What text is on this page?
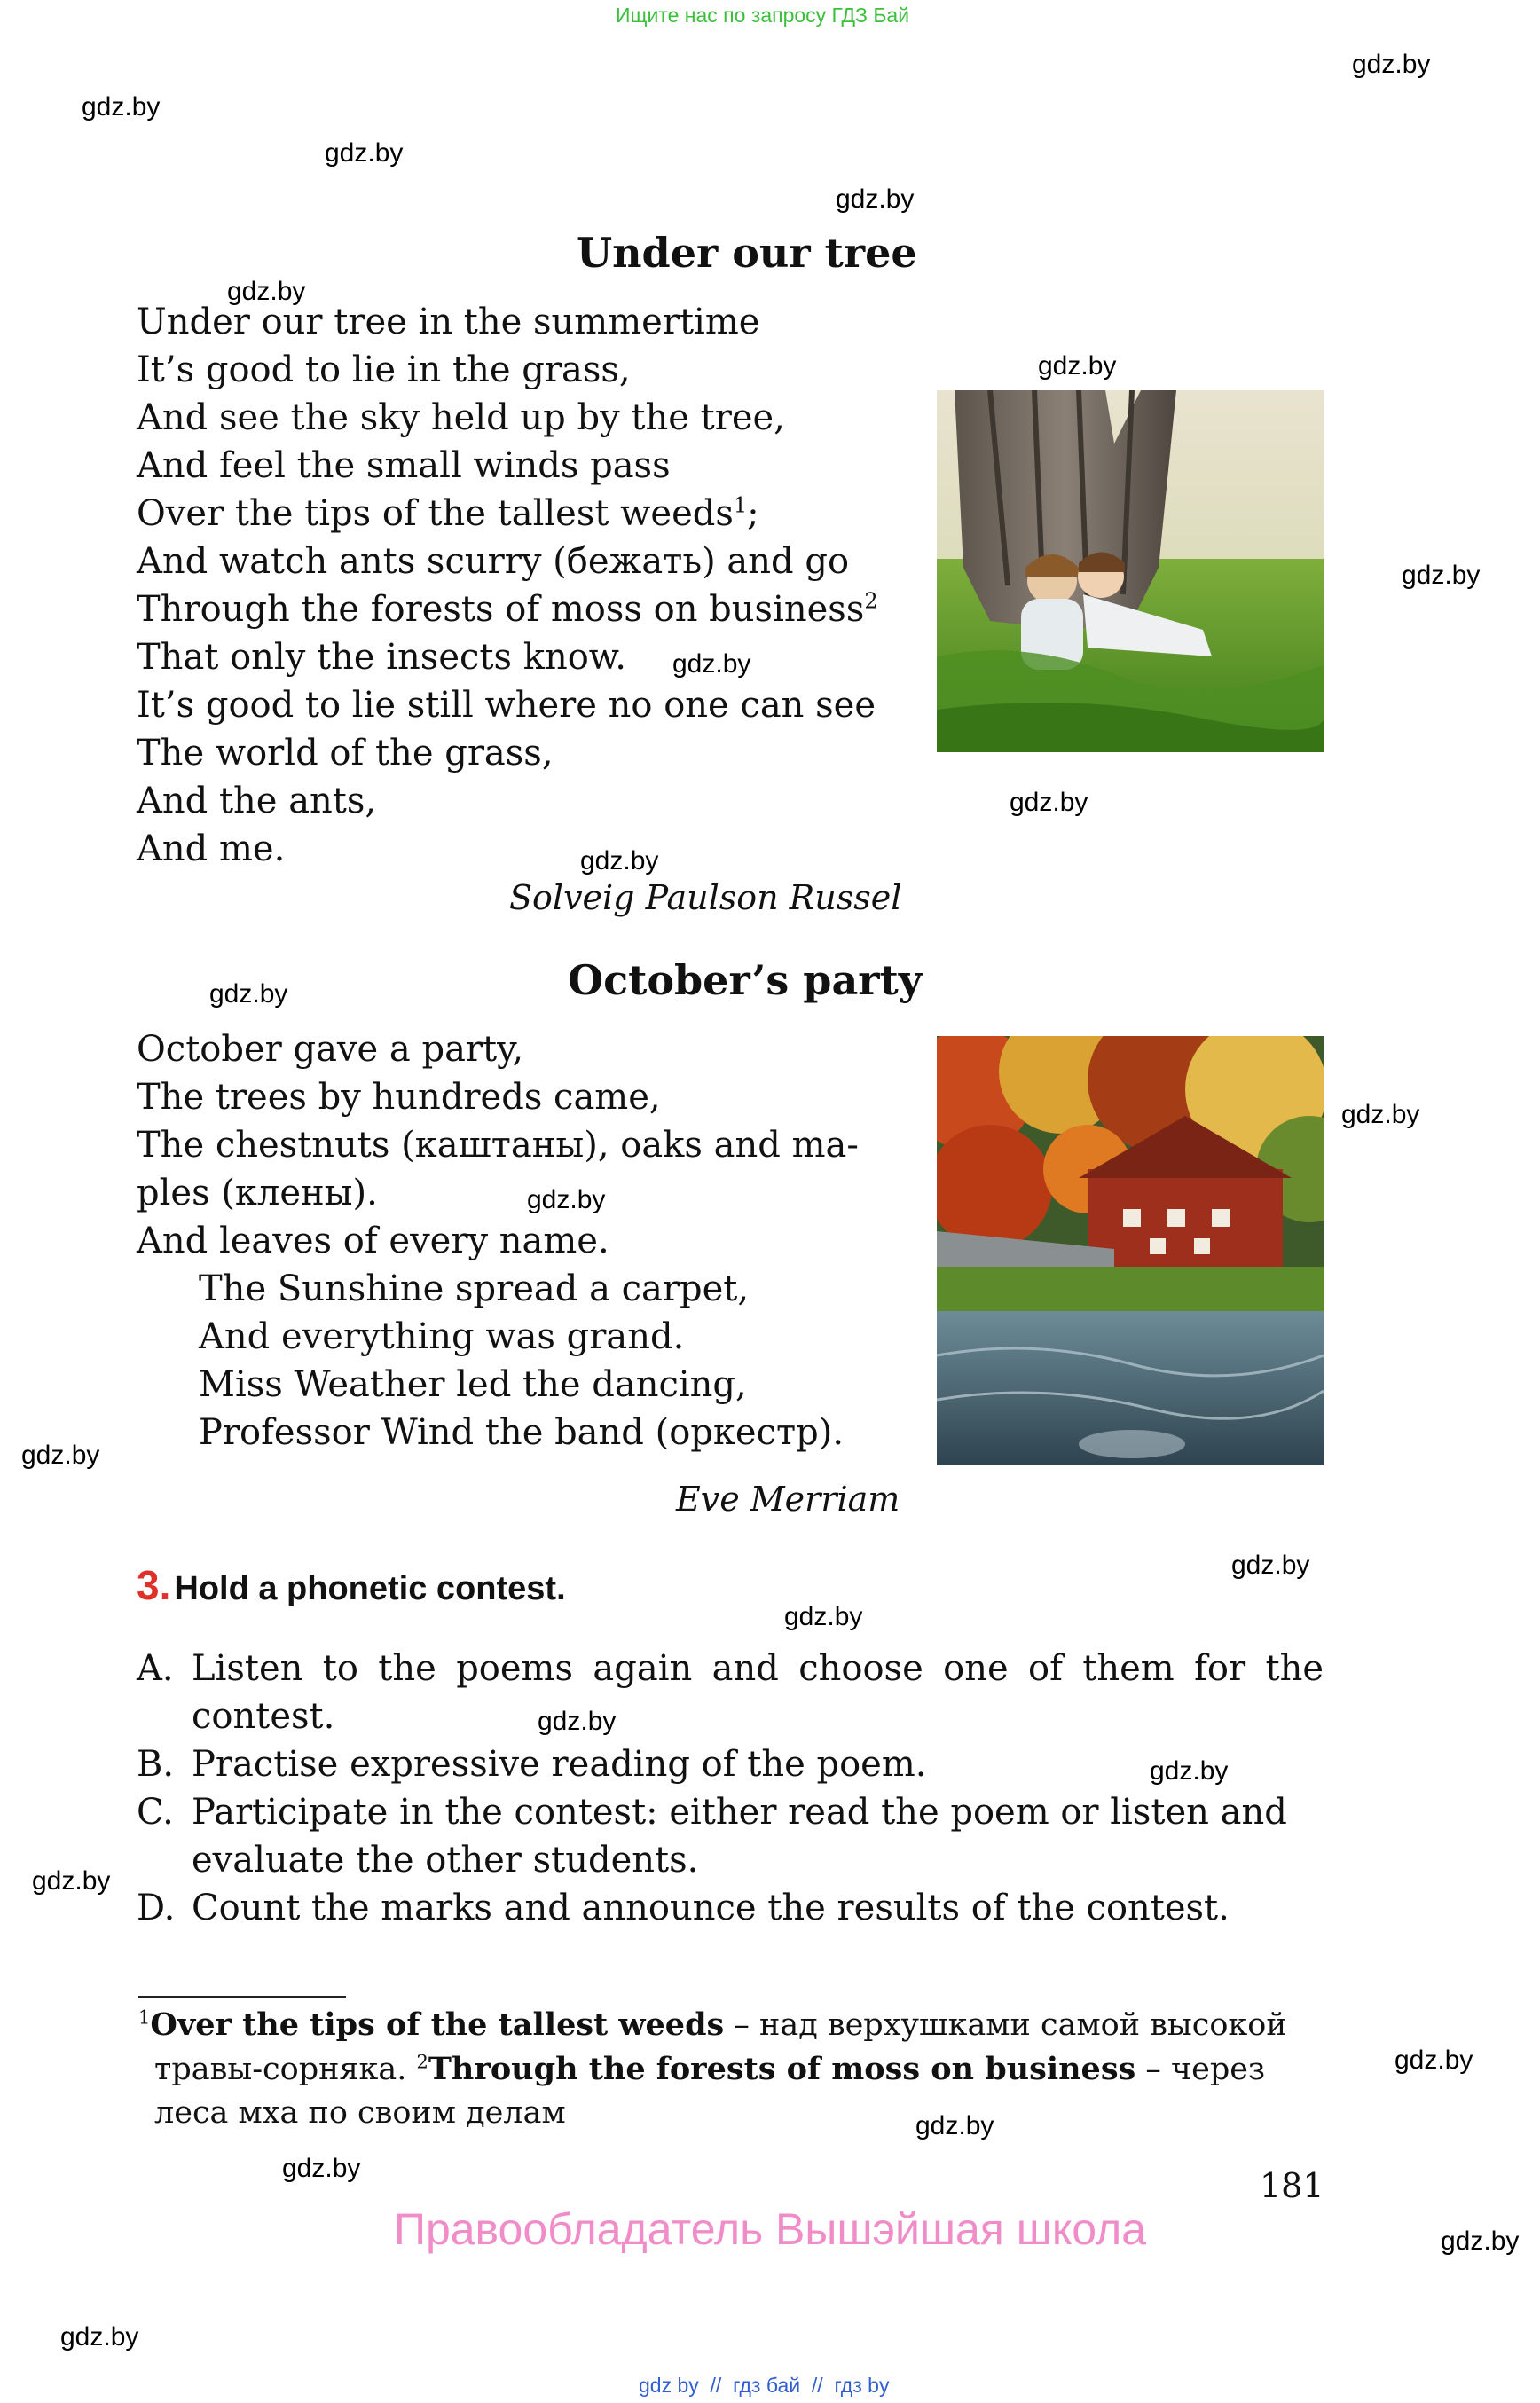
Ищите нас по запросу ГДЗ Бай
gdz.by
gdz.by
gdz.by
gdz.by
gdz.by
gdz.by
gdz.by
gdz.by
gdz.by
gdz.by
gdz.by
gdz.by
gdz.by
gdz.by
gdz.by
gdz.by
gdz.by
gdz.by
gdz.by
gdz.by
gdz.by
gdz.by
gdz.by
gdz.by
Under our tree
Under our tree in the summertime
It’s good to lie in the grass,
And see the sky held up by the tree,
And feel the small winds pass
Over the tips of the tallest weeds$^1$;
And watch ants scurry (бежать) and go
Through the forests of moss on business$^2$
That only the insects know.
It’s good to lie still where no one can see
The world of the grass,
And the ants,
And me.
Solveig Paulson Russel
October’s party
October gave a party,
The trees by hundreds came,
The chestnuts (каштаны), oaks and ma-
ples (клены).
And leaves of every name.
The Sunshine spread a carpet,
And everything was grand.
Miss Weather led the dancing,
Professor Wind the band (оркестр).
Eve Merriam
3. Hold a phonetic contest.
A. Listen to the poems again and choose one of them for the
contest.
B. Practise expressive reading of the poem.
C. Participate in the contest: either read the poem or listen and
evaluate the other students.
D. Count the marks and announce the results of the contest.
$^1$Over the tips of the tallest weeds – над верхушками самой высокой
травы-сорняка. $^2$Through the forests of moss on business – через
леса мха по своим делам
181
Правообладатель Вышэйшая школа
gdz by  //  гдз бай  //  гдз by
